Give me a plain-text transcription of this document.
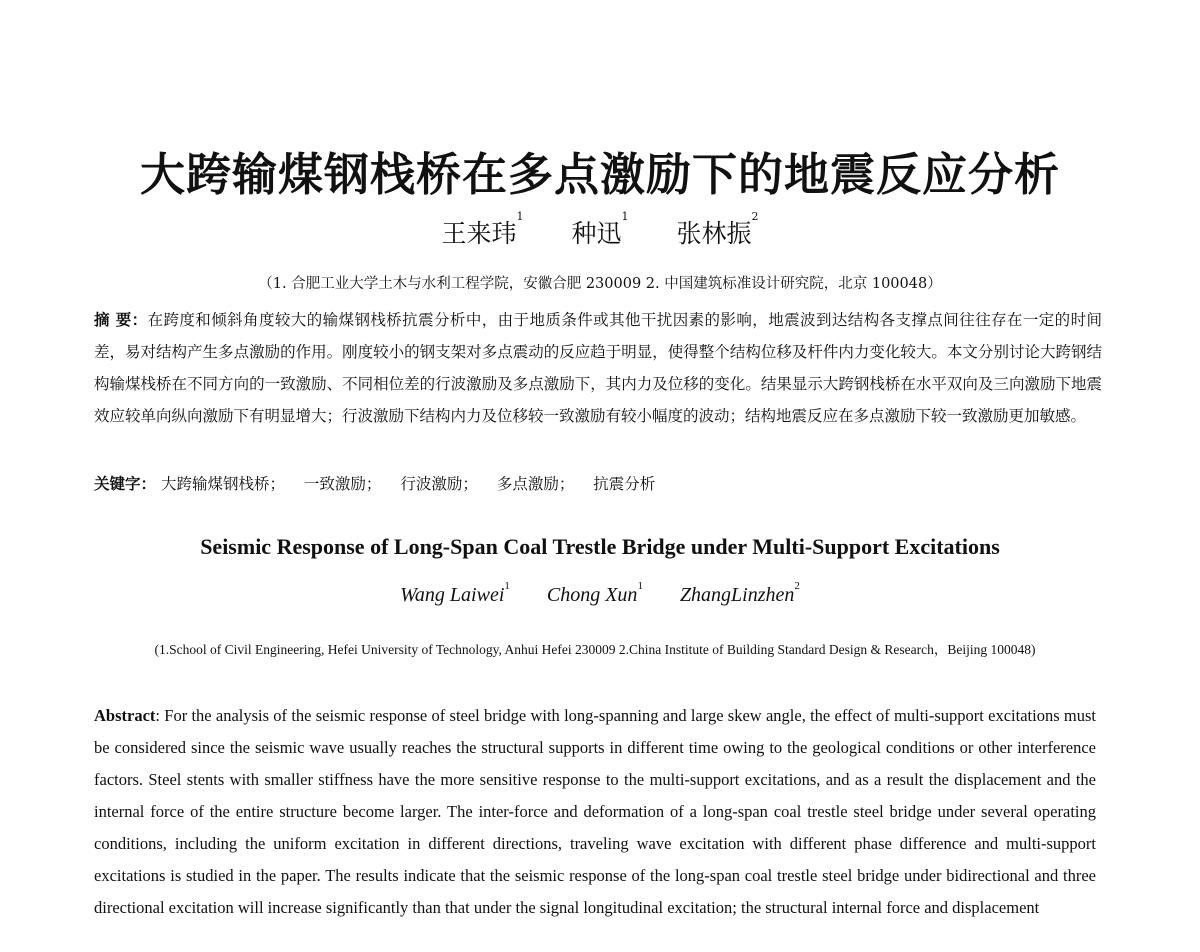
大跨输煤钢栈桥在多点激励下的地震反应分析
王来玮$^1$ 种迅$^1$ 张林振$^2$
（1. 合肥工业大学土木与水利工程学院，安徽合肥 230009 2. 中国建筑标准设计研究院，北京 100048）
摘 要：在跨度和倾斜角度较大的输煤钢栈桥抗震分析中，由于地质条件或其他干扰因素的影响，地震波到达结构各支撑点间往往存在一定的时间差，易对结构产生多点激励的作用。刚度较小的钢支架对多点震动的反应趋于明显，使得整个结构位移及杆件内力变化较大。本文分别讨论大跨钢结构输煤栈桥在不同方向的一致激励、不同相位差的行波激励及多点激励下，其内力及位移的变化。结果显示大跨钢栈桥在水平双向及三向激励下地震效应较单向纵向激励下有明显增大；行波激励下结构内力及位移较一致激励有较小幅度的波动；结构地震反应在多点激励下较一致激励更加敏感。
关键字： 大跨输煤钢栈桥； 一致激励； 行波激励； 多点激励； 抗震分析
Seismic Response of Long-Span Coal Trestle Bridge under Multi-Support Excitations
Wang Laiwei$^1$ Chong Xun$^1$ ZhangLinzhen$^2$
(1.School of Civil Engineering, Hefei University of Technology, Anhui Hefei 230009 2.China Institute of Building Standard Design & Research，Beijing 100048)
Abstract: For the analysis of the seismic response of steel bridge with long-spanning and large skew angle, the effect of multi-support excitations must be considered since the seismic wave usually reaches the structural supports in different time owing to the geological conditions or other interference factors. Steel stents with smaller stiffness have the more sensitive response to the multi-support excitations, and as a result the displacement and the internal force of the entire structure become larger. The inter-force and deformation of a long-span coal trestle steel bridge under several operating conditions, including the uniform excitation in different directions, traveling wave excitation with different phase difference and multi-support excitations is studied in the paper. The results indicate that the seismic response of the long-span coal trestle steel bridge under bidirectional and three directional excitation will increase significantly than that under the signal longitudinal excitation; the structural internal force and displacement
